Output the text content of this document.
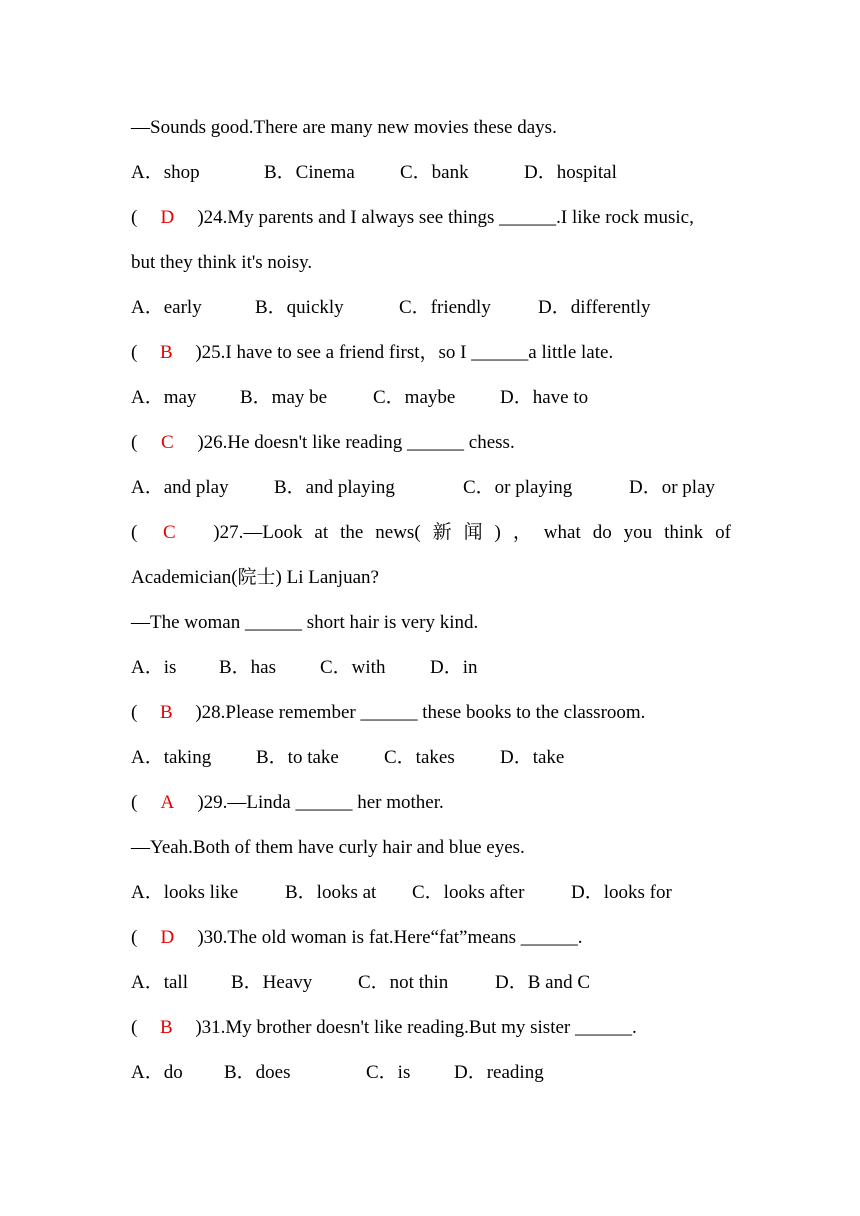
—Sounds good.There are many new movies these days.
A．shop	B．Cinema C．bank	D．hospital
( D )24.My parents and I always see things ______.I like rock music,
but they think it's noisy.
A．early	B．quickly	C．friendly D．differently
( B )25.I have to see a friend first，so I ______a little late.
A．may B．may be C．maybe D．have to
( C )26.He doesn't like reading ______ chess.
A．and play B．and playing	C．or playing	D．or play
( C	)27.—Look at the news( 新 闻 ) ， what do you think of
Academician(院士) Li Lanjuan?
—The woman ______ short hair is very kind.
A．is B．has C．with D．in
( B )28.Please remember ______ these books to the classroom.
A．taking B．to take C．takes D．take
( A )29.—Linda ______ her mother.
—Yeah.Both of them have curly hair and blue eyes.
A．looks like B．looks at C．looks after D．looks for
( D )30.The old woman is fat.Here“fat”means ______.
A．tall B．Heavy C．not thin D．B and C
( B )31.My brother doesn't like reading.But my sister ______.
A．do B．does	C．is D．reading
